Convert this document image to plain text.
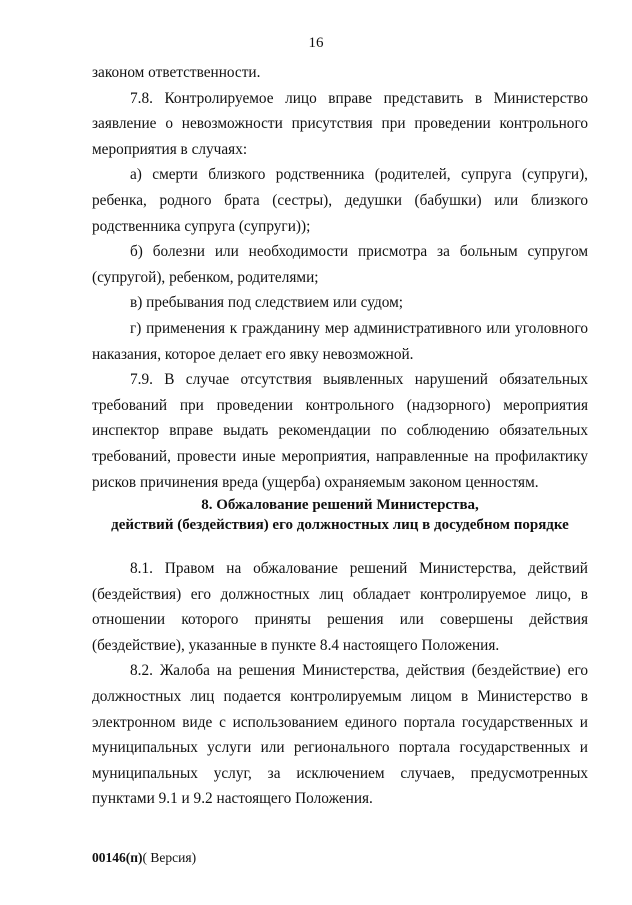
16

законом ответственности.

7.8. Контролируемое лицо вправе представить в Министерство заявление о невозможности присутствия при проведении контрольного мероприятия в случаях:

а) смерти близкого родственника (родителей, супруга (супруги), ребенка, родного брата (сестры), дедушки (бабушки) или близкого родственника супруга (супруги));

б) болезни или необходимости присмотра за больным супругом (супругой), ребенком, родителями;

в) пребывания под следствием или судом;

г) применения к гражданину мер административного или уголовного наказания, которое делает его явку невозможной.

7.9. В случае отсутствия выявленных нарушений обязательных требований при проведении контрольного (надзорного) мероприятия инспектор вправе выдать рекомендации по соблюдению обязательных требований, провести иные мероприятия, направленные на профилактику рисков причинения вреда (ущерба) охраняемым законом ценностям.

8. Обжалование решений Министерства,
действий (бездействия) его должностных лиц в досудебном порядке

8.1. Правом на обжалование решений Министерства, действий (бездействия) его должностных лиц обладает контролируемое лицо, в отношении которого приняты решения или совершены действия (бездействие), указанные в пункте 8.4 настоящего Положения.

8.2. Жалоба на решения Министерства, действия (бездействие) его должностных лиц подается контролируемым лицом в Министерство в электронном виде с использованием единого портала государственных и муниципальных услуги или регионального портала государственных и муниципальных услуг, за исключением случаев, предусмотренных пунктами 9.1 и 9.2 настоящего Положения.

00146(п)( Версия)
